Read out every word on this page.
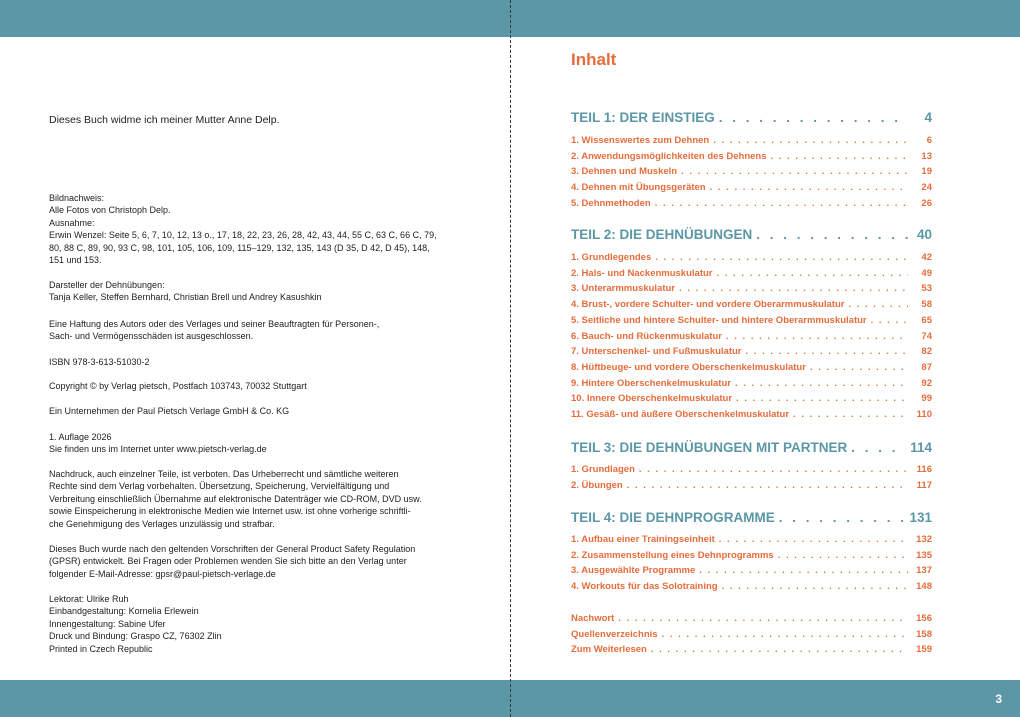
3
Dieses Buch widme ich meiner Mutter Anne Delp.
Bildnachweis:
Alle Fotos von Christoph Delp.
Ausnahme:
Erwin Wenzel: Seite 5, 6, 7, 10, 12, 13 o., 17, 18, 22, 23, 26, 28, 42, 43, 44, 55 C, 63 C, 66 C, 79,
80, 88 C, 89, 90, 93 C, 98, 101, 105, 106, 109, 115–129, 132, 135, 143 (D 35, D 42, D 45), 148,
151 und 153.
Darsteller der Dehnübungen:
Tanja Keller, Steffen Bernhard, Christian Brell und Andrey Kasushkin
Eine Haftung des Autors oder des Verlages und seiner Beauftragten für Personen-,
Sach- und Vermögensschäden ist ausgeschlossen.
ISBN 978-3-613-51030-2
Copyright © by Verlag pietsch, Postfach 103743, 70032 Stuttgart
Ein Unternehmen der Paul Pietsch Verlage GmbH & Co. KG
1. Auflage 2026
Sie finden uns im Internet unter www.pietsch-verlag.de
Nachdruck, auch einzelner Teile, ist verboten. Das Urheberrecht und sämtliche weiteren
Rechte sind dem Verlag vorbehalten. Übersetzung, Speicherung, Vervielfältigung und
Verbreitung einschließlich Übernahme auf elektronische Datenträger wie CD-ROM, DVD usw.
sowie Einspeicherung in elektronische Medien wie Internet usw. ist ohne vorherige schriftli-
che Genehmigung des Verlages unzulässig und strafbar.
Dieses Buch wurde nach den geltenden Vorschriften der General Product Safety Regulation
(GPSR) entwickelt. Bei Fragen oder Problemen wenden Sie sich bitte an den Verlag unter
folgender E-Mail-Adresse: gpsr@paul-pietsch-verlage.de
Lektorat: Ulrike Ruh
Einbandgestaltung: Kornelia Erlewein
Innengestaltung: Sabine Ufer
Druck und Bindung: Graspo CZ, 76302 Zlin
Printed in Czech Republic
Inhalt
TEIL 1: DER EINSTIEG . . .	4
1. Wissenswertes zum Dehnen . . .	6
2. Anwendungsmöglichkeiten des Dehnens . . .	13
3. Dehnen und Muskeln . . .	19
4. Dehnen mit Übungsgeräten . . .	24
5. Dehnmethoden . . .	26
TEIL 2: DIE DEHNÜBUNGEN . . .	40
1. Grundlegendes . . .	42
2. Hals- und Nackenmuskulatur . . .	49
3. Unterarmmuskulatur . . .	53
4. Brust-, vordere Schulter- und vordere Oberarmmuskulatur . . .	58
5. Seitliche und hintere Schulter- und hintere Oberarmmuskulatur . . .	65
6. Bauch- und Rückenmuskulatur . . .	74
7. Unterschenkel- und Fußmuskulatur . . .	82
8. Hüftbeuge- und vordere Oberschenkelmuskulatur . . .	87
9. Hintere Oberschenkelmuskulatur . . .	92
10. Innere Oberschenkelmuskulatur . . .	99
11. Gesäß- und äußere Oberschenkelmuskulatur . . .	110
TEIL 3: DIE DEHNÜBUNGEN MIT PARTNER . . .	114
1. Grundlagen . . .	116
2. Übungen . . .	117
TEIL 4: DIE DEHNPROGRAMME . . .	131
1. Aufbau einer Trainingseinheit . . .	132
2. Zusammenstellung eines Dehnprogramms . . .	135
3. Ausgewählte Programme . . .	137
4. Workouts für das Solotraining . . .	148
Nachwort . . .	156
Quellenverzeichnis . . .	158
Zum Weiterlesen . . .	159
